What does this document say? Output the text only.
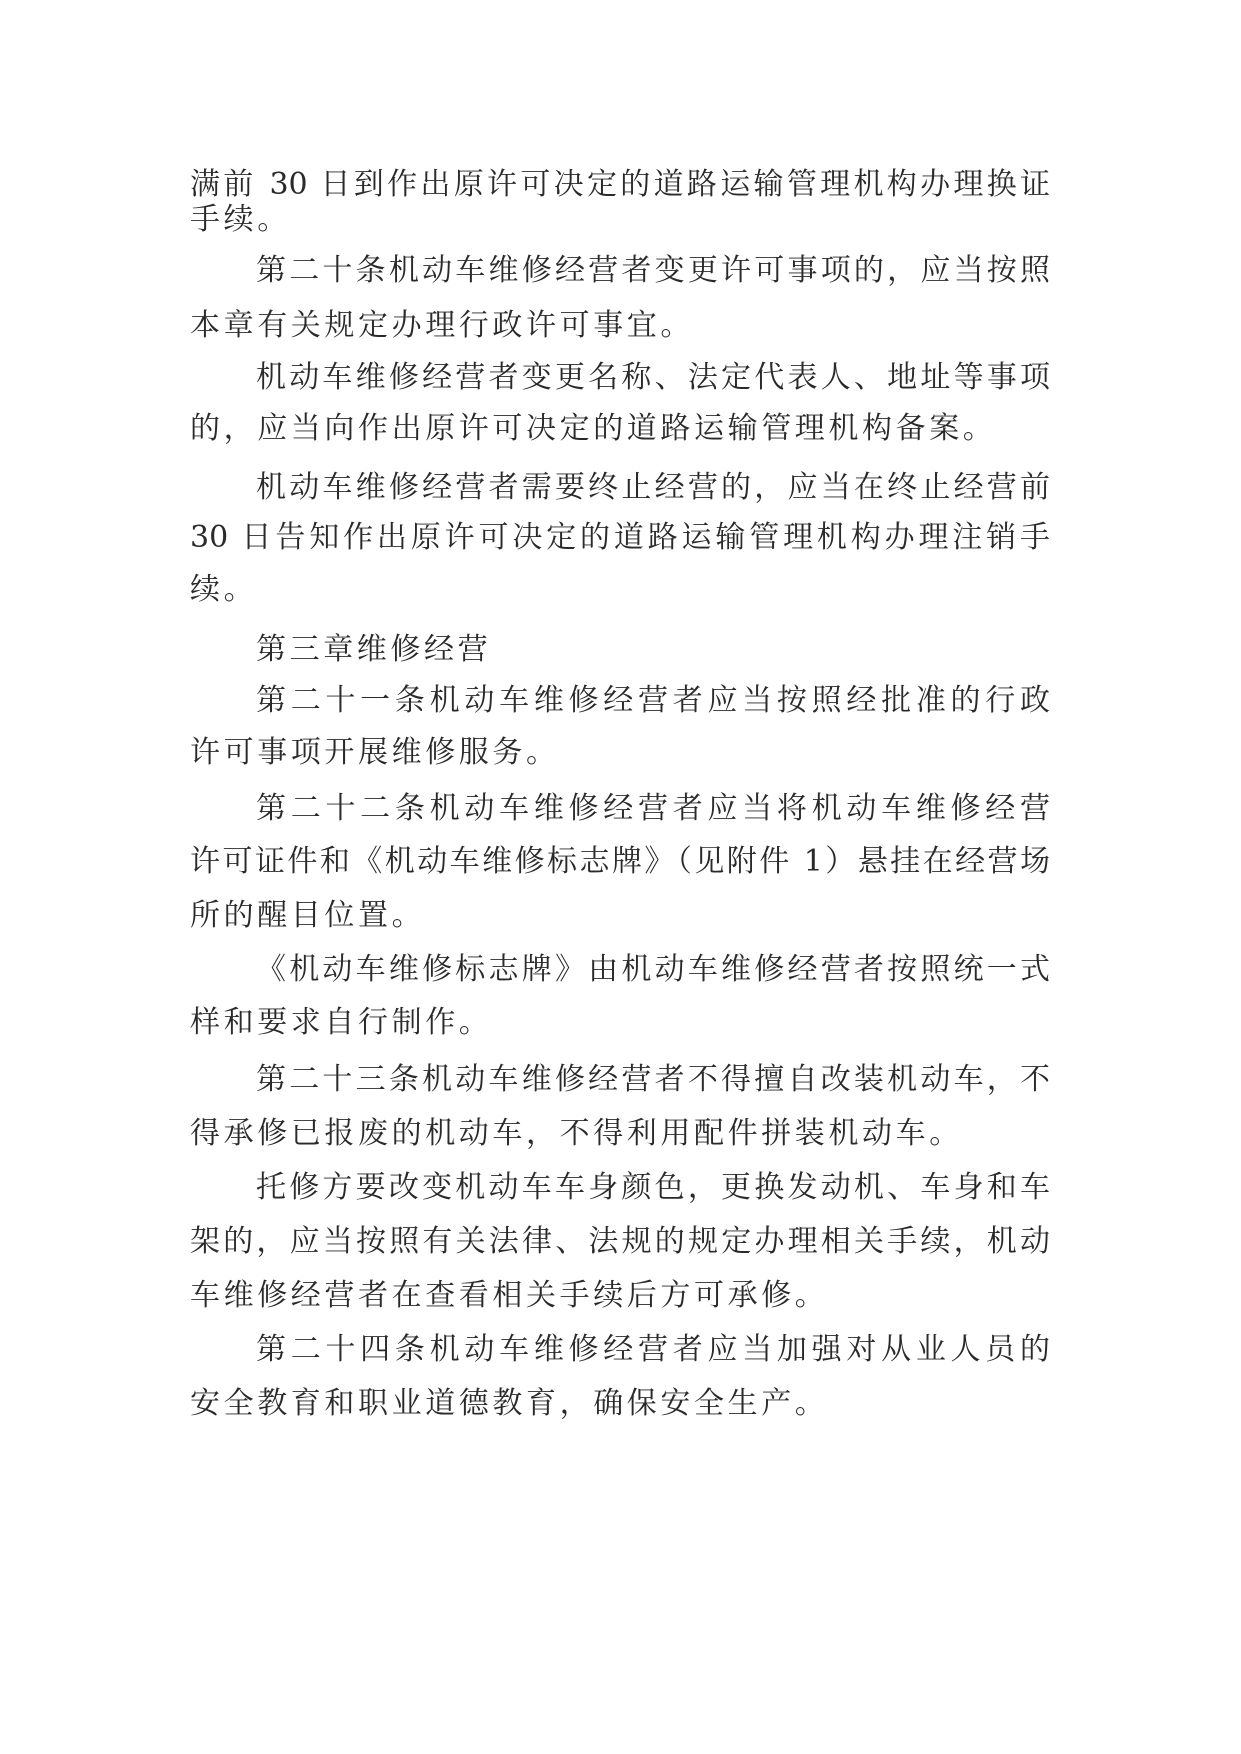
满前 30 日到作出原许可决定的道路运输管理机构办理换证
手续。
第二十条机动车维修经营者变更许可事项的，应当按照
本章有关规定办理行政许可事宜。
机动车维修经营者变更名称、法定代表人、地址等事项
的，应当向作出原许可决定的道路运输管理机构备案。
机动车维修经营者需要终止经营的，应当在终止经营前
30 日告知作出原许可决定的道路运输管理机构办理注销手
续。
第三章维修经营
第二十一条机动车维修经营者应当按照经批准的行政
许可事项开展维修服务。
第二十二条机动车维修经营者应当将机动车维修经营
许可证件和《机动车维修标志牌》（见附件 1）悬挂在经营场
所的醒目位置。
《机动车维修标志牌》由机动车维修经营者按照统一式
样和要求自行制作。
第二十三条机动车维修经营者不得擅自改装机动车，不
得承修已报废的机动车，不得利用配件拼装机动车。
托修方要改变机动车车身颜色，更换发动机、车身和车
架的，应当按照有关法律、法规的规定办理相关手续，机动
车维修经营者在查看相关手续后方可承修。
第二十四条机动车维修经营者应当加强对从业人员的
安全教育和职业道德教育，确保安全生产。
